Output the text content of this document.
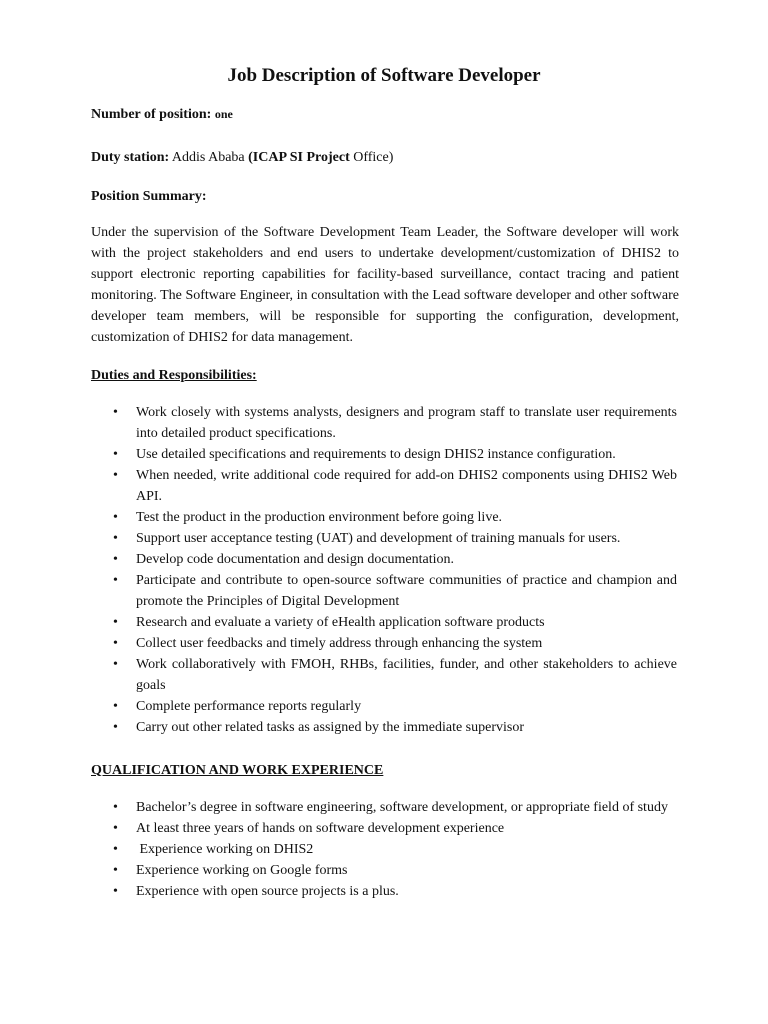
Job Description of Software Developer
Number of position: one
Duty station: Addis Ababa (ICAP SI Project Office)
Position Summary:

Under the supervision of the Software Development Team Leader, the Software developer will work with the project stakeholders and end users to undertake development/customization of DHIS2 to support electronic reporting capabilities for facility-based surveillance, contact tracing and patient monitoring. The Software Engineer, in consultation with the Lead software developer and other software developer team members, will be responsible for supporting the configuration, development, customization of DHIS2 for data management.

Duties and Responsibilities:
• Work closely with systems analysts, designers and program staff to translate user requirements into detailed product specifications.
• Use detailed specifications and requirements to design DHIS2 instance configuration.
• When needed, write additional code required for add-on DHIS2 components using DHIS2 Web API.
• Test the product in the production environment before going live.
• Support user acceptance testing (UAT) and development of training manuals for users.
• Develop code documentation and design documentation.
• Participate and contribute to open-source software communities of practice and champion and promote the Principles of Digital Development
• Research and evaluate a variety of eHealth application software products
• Collect user feedbacks and timely address through enhancing the system
• Work collaboratively with FMOH, RHBs, facilities, funder, and other stakeholders to achieve goals
• Complete performance reports regularly
• Carry out other related tasks as assigned by the immediate supervisor
QUALIFICATION AND WORK EXPERIENCE
• Bachelor’s degree in software engineering, software development, or appropriate field of study
• At least three years of hands on software development experience
• Experience working on DHIS2
• Experience working on Google forms
• Experience with open source projects is a plus.
